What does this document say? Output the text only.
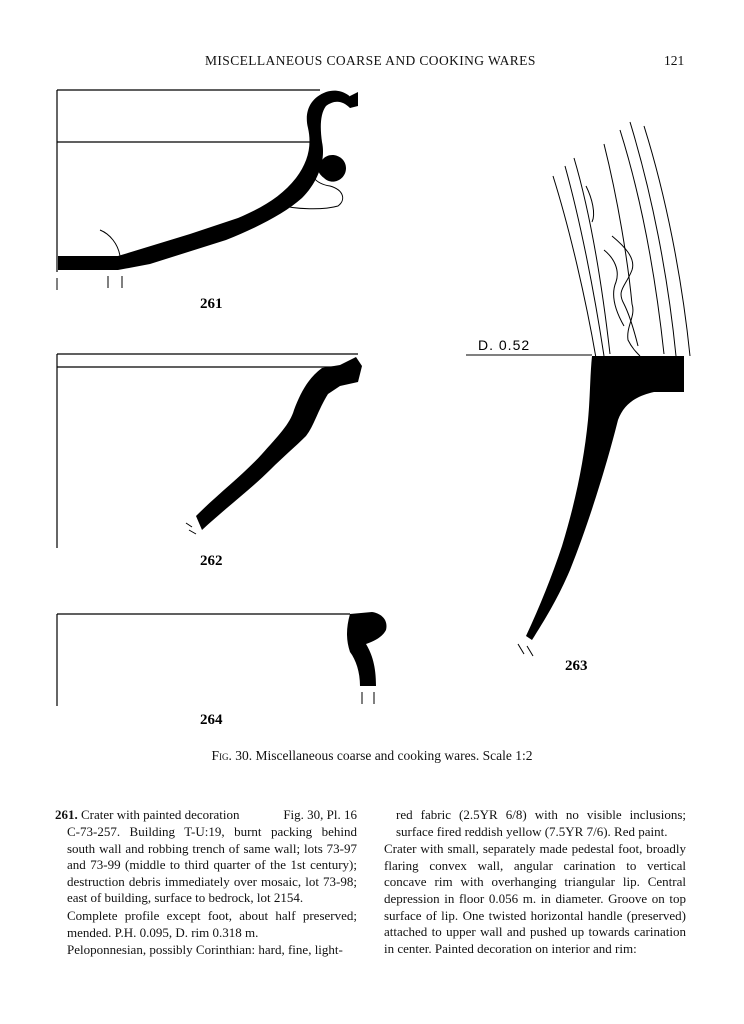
MISCELLANEOUS COARSE AND COOKING WARES	121
261
262
264
D. 0.52
263
Fig. 30. Miscellaneous coarse and cooking wares. Scale 1:2
261. Crater with painted decoration	Fig. 30, Pl. 16

C-73-257. Building T-U:19, burnt packing behind south wall and robbing trench of same wall; lots 73-97 and 73-99 (middle to third quarter of the 1st century); destruction debris immediately over mosaic, lot 73-98; east of building, surface to bedrock, lot 2154.

Complete profile except foot, about half preserved; mended. P.H. 0.095, D. rim 0.318 m.

Peloponnesian, possibly Corinthian: hard, fine, light-

red fabric (2.5YR 6/8) with no visible inclusions; surface fired reddish yellow (7.5YR 7/6). Red paint.

Crater with small, separately made pedestal foot, broadly flaring convex wall, angular carination to vertical concave rim with overhanging triangular lip. Central depression in floor 0.056 m. in diameter. Groove on top surface of lip. One twisted horizontal handle (preserved) attached to upper wall and pushed up towards carination in center. Painted decoration on interior and rim:
